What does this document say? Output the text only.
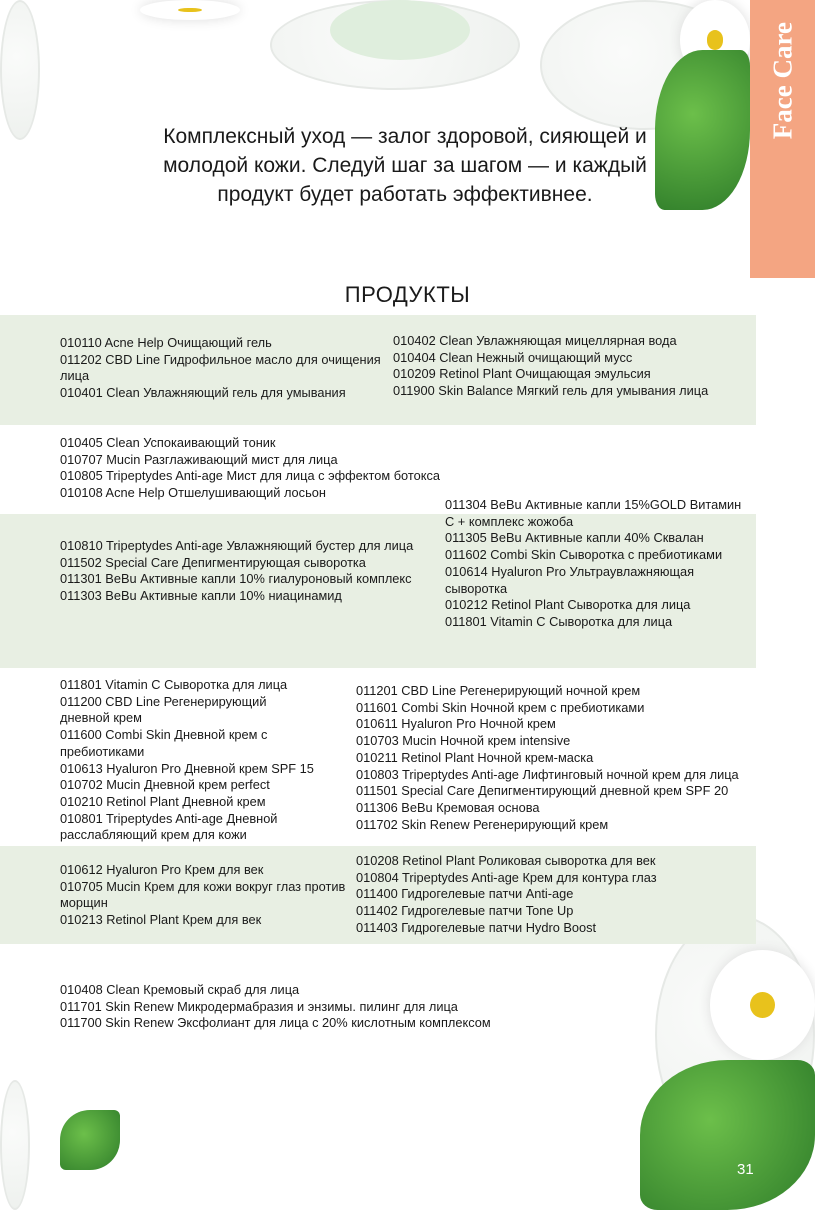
Face Care
Комплексный уход — залог здоровой, сияющей и молодой кожи. Следуй шаг за шагом — и каждый продукт будет работать эффективнее.
ПРОДУКТЫ
010110 Acne Help Очищающий гель
011202 CBD Line Гидрофильное масло для очищения лица
010401 Clean Увлажняющий гель для умывания
010402 Clean Увлажняющая мицеллярная вода
010404 Clean Нежный очищающий мусс
010209 Retinol Plant Очищающая эмульсия
011900 Skin Balance Мягкий гель для умывания лица
010405 Clean Успокаивающий тоник
010707 Mucin Разглаживающий мист для лица
010805 Tripeptydes Anti-age Мист для лица с эффектом ботокса
010108 Acne Help Отшелушивающий лосьон
010810 Tripeptydes Anti-age Увлажняющий бустер для лица
011502 Special Care Депигментирующая сыворотка
011301 BeBu Активные капли 10% гиалуроновый комплекс
011303 BeBu Активные капли 10% ниацинамид
011304 BeBu Активные капли 15%GOLD Витамин С + комплекс жожоба
011305 BeBu Активные капли 40% Сквалан
011602 Combi Skin Сыворотка с пребиотиками
010614 Hyaluron Pro Ультраувлажняющая сыворотка
010212 Retinol Plant Сыворотка для лица
011801 Vitamin C Сыворотка для лица
011801 Vitamin C Сыворотка для лица
011200 CBD Line Регенерирующий дневной крем
011600 Combi Skin Дневной крем с пребиотиками
010613 Hyaluron Pro Дневной крем SPF 15
010702 Mucin Дневной крем perfect
010210 Retinol Plant Дневной крем
010801 Tripeptydes Anti-age Дневной расслабляющий крем для кожи
011201 CBD Line Регенерирующий ночной крем
011601 Combi Skin Ночной крем с пребиотиками
010611 Hyaluron Pro Ночной крем
010703 Mucin Ночной крем intensive
010211 Retinol Plant Ночной крем-маска
010803 Tripeptydes Anti-age Лифтинговый ночной крем для лица
011501 Special Care Депигментирующий дневной крем SPF 20
011306 BeBu Кремовая основа
011702 Skin Renew Регенерирующий крем
010612 Hyaluron Pro Крем для век
010705 Mucin Крем для кожи вокруг глаз против морщин
010213 Retinol Plant Крем для век
010208 Retinol Plant Роликовая сыворотка для век
010804 Tripeptydes Anti-age Крем для контура глаз
011400 Гидрогелевые патчи Anti-age
011402 Гидрогелевые патчи Tone Up
011403 Гидрогелевые патчи Hydro Boost
010408 Clean Кремовый скраб для лица
011701 Skin Renew Микродермабразия и энзимы. пилинг для лица
011700 Skin Renew Эксфолиант для лица с 20% кислотным комплексом
31
